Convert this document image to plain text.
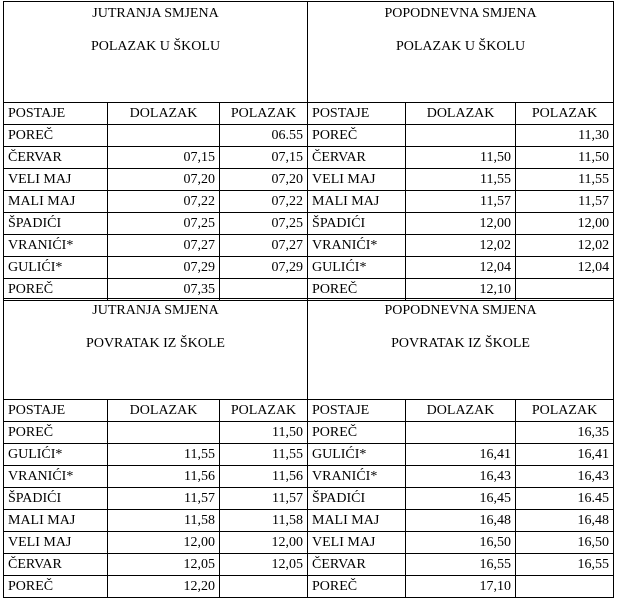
JUTRANJA SMJENA
POLAZAK U ŠKOLU			POPODNEVNA SMJENA
POLAZAK U ŠKOLU		

POSTAJE	DOLAZAK	POLAZAK	POSTAJE	DOLAZAK	POLAZAK
POREČ		06.55	POREČ		11,30
ČERVAR	07,15	07,15	ČERVAR	11,50	11,50
VELI MAJ	07,20	07,20	VELI MAJ	11,55	11,55
MALI MAJ	07,22	07,22	MALI MAJ	11,57	11,57
ŠPADIĆI	07,25	07,25	ŠPADIĆI	12,00	12,00
VRANIĆI*	07,27	07,27	VRANIĆI*	12,02	12,02
GULIĆI*	07,29	07,29	GULIĆI*	12,04	12,04
POREČ	07,35		POREČ	12,10	
JUTRANJA SMJENA
POVRATAK IZ ŠKOLE			POPODNEVNA SMJENA
POVRATAK IZ ŠKOLE		

POSTAJE	DOLAZAK	POLAZAK	POSTAJE	DOLAZAK	POLAZAK
POREČ		11,50	POREČ		16,35
GULIĆI*	11,55	11,55	GULIĆI*	16,41	16,41
VRANIĆI*	11,56	11,56	VRANIĆI*	16,43	16,43
ŠPADIĆI	11,57	11,57	ŠPADIĆI	16,45	16.45
MALI MAJ	11,58	11,58	MALI MAJ	16,48	16,48
VELI MAJ	12,00	12,00	VELI MAJ	16,50	16,50
ČERVAR	12,05	12,05	ČERVAR	16,55	16,55
POREČ	12,20		POREČ	17,10	
